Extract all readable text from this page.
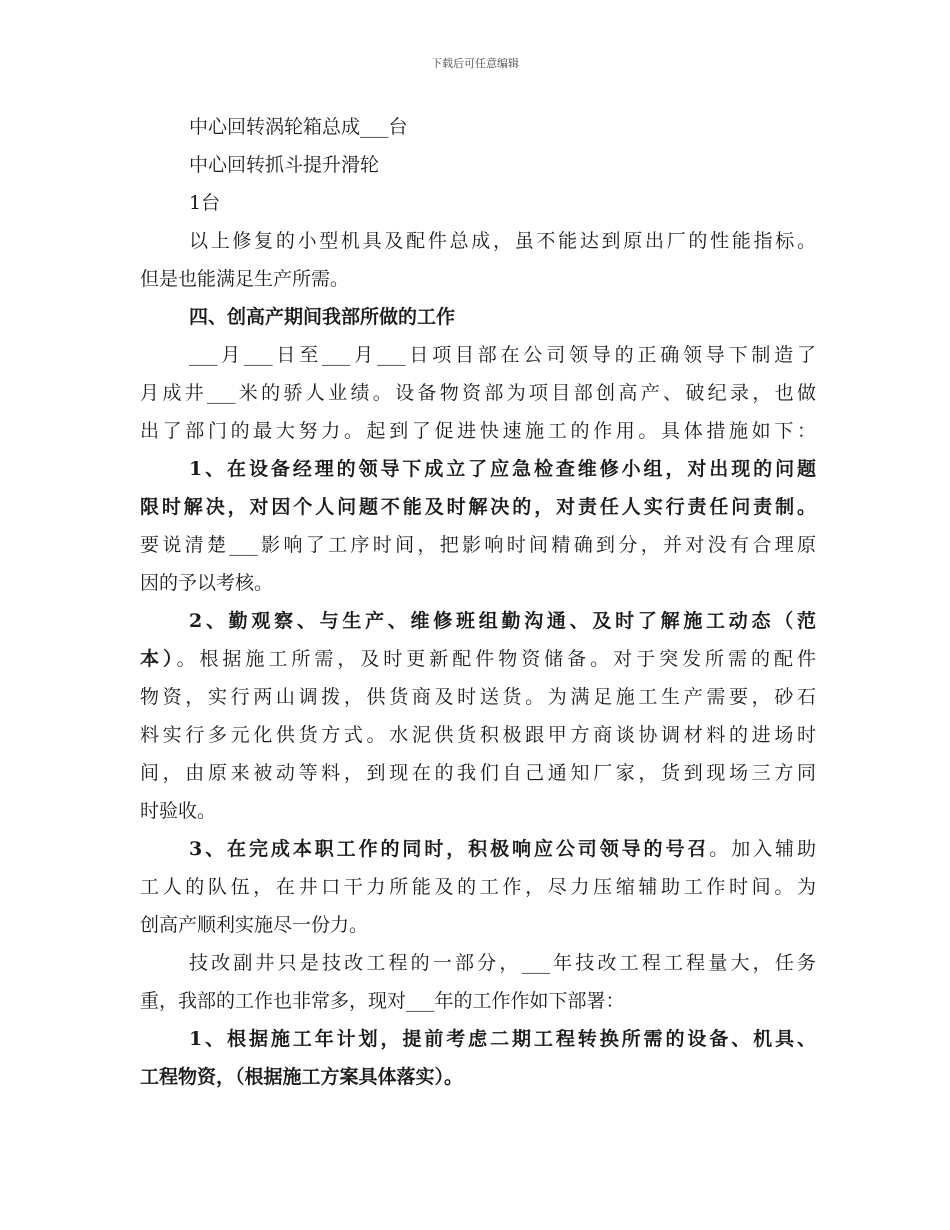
下载后可任意编辑
中心回转涡轮箱总成___台
中心回转抓斗提升滑轮
1台
以上修复的小型机具及配件总成，虽不能达到原出厂的性能指标。
但是也能满足生产所需。
四、创高产期间我部所做的工作
___月___日至___月___日项目部在公司领导的正确领导下制造了
月成井___米的骄人业绩。设备物资部为项目部创高产、破纪录，也做
出了部门的最大努力。起到了促进快速施工的作用。具体措施如下：
1、在设备经理的领导下成立了应急检查维修小组，对出现的问题
限时解决，对因个人问题不能及时解决的，对责任人实行责任问责制。
要说清楚___影响了工序时间，把影响时间精确到分，并对没有合理原
因的予以考核。
2、勤观察、与生产、维修班组勤沟通、及时了解施工动态（范
本）。根据施工所需，及时更新配件物资储备。对于突发所需的配件
物资，实行两山调拨，供货商及时送货。为满足施工生产需要，砂石
料实行多元化供货方式。水泥供货积极跟甲方商谈协调材料的进场时
间，由原来被动等料，到现在的我们自己通知厂家，货到现场三方同
时验收。
3、在完成本职工作的同时，积极响应公司领导的号召。加入辅助
工人的队伍，在井口干力所能及的工作，尽力压缩辅助工作时间。为
创高产顺利实施尽一份力。
技改副井只是技改工程的一部分，___年技改工程工程量大，任务
重，我部的工作也非常多，现对___年的工作作如下部署：
1、根据施工年计划，提前考虑二期工程转换所需的设备、机具、
工程物资，（根据施工方案具体落实）。
